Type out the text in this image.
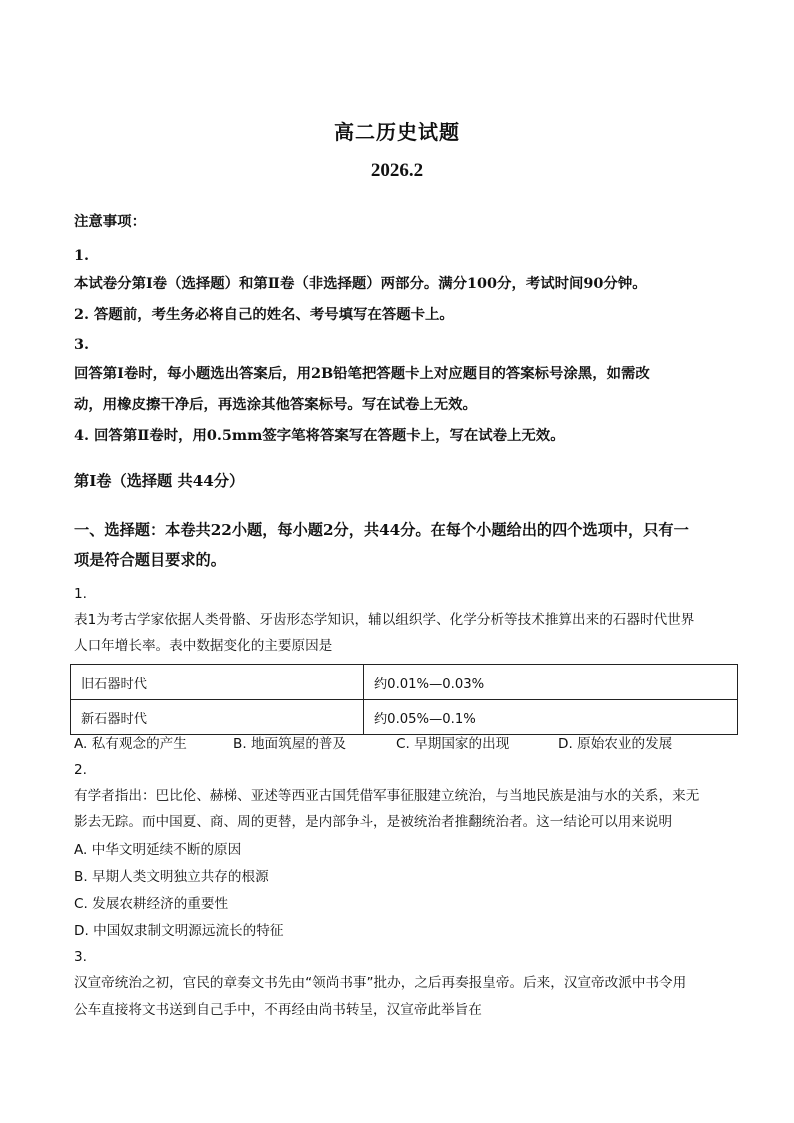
高二历史试题
2026.2
注意事项：
1.
本试卷分第Ⅰ卷（选择题）和第Ⅱ卷（非选择题）两部分。满分100分，考试时间90分钟。
2. 答题前，考生务必将自己的姓名、考号填写在答题卡上。
3.
回答第Ⅰ卷时，每小题选出答案后，用2B铅笔把答题卡上对应题目的答案标号涂黑，如需改
动，用橡皮擦干净后，再选涂其他答案标号。写在试卷上无效。
4. 回答第Ⅱ卷时，用0.5mm签字笔将答案写在答题卡上，写在试卷上无效。
第Ⅰ卷（选择题 共44分）
一、选择题：本卷共22小题，每小题2分，共44分。在每个小题给出的四个选项中，只有一
项是符合题目要求的。
1.
表1为考古学家依据人类骨骼、牙齿形态学知识，辅以组织学、化学分析等技术推算出来的石器时代世界
人口年增长率。表中数据变化的主要原因是
旧石器时代	约0.01%—0.03%
新石器时代	约0.05%—0.1%
A. 私有观念的产生	B. 地面筑屋的普及	C. 早期国家的出现	D. 原始农业的发展
2.
有学者指出：巴比伦、赫梯、亚述等西亚古国凭借军事征服建立统治，与当地民族是油与水的关系，来无
影去无踪。而中国夏、商、周的更替，是内部争斗，是被统治者推翻统治者。这一结论可以用来说明
A. 中华文明延续不断的原因
B. 早期人类文明独立共存的根源
C. 发展农耕经济的重要性
D. 中国奴隶制文明源远流长的特征
3.
汉宣帝统治之初，官民的章奏文书先由“领尚书事”批办，之后再奏报皇帝。后来，汉宣帝改派中书令用
公车直接将文书送到自己手中，不再经由尚书转呈，汉宣帝此举旨在
